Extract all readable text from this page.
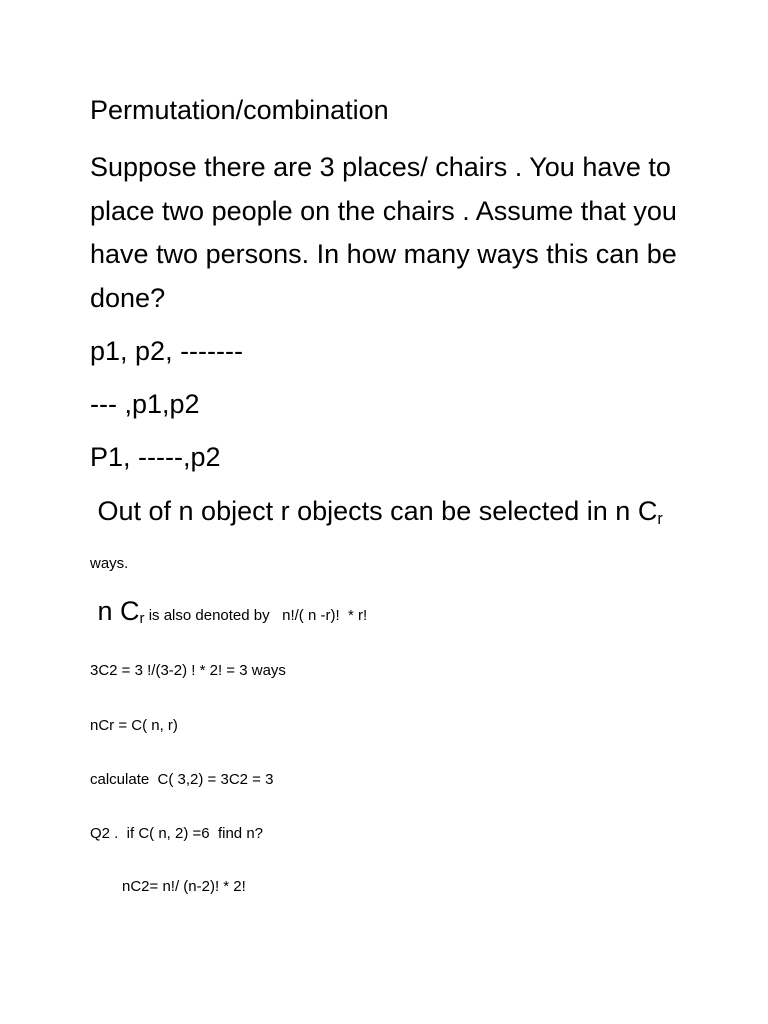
Permutation/combination

Suppose there are 3 places/ chairs . You have to place two people on the chairs . Assume that you have two persons. In how many ways this can be done?

p1, p2, -------

--- ,p1,p2

P1, -----,p2

Out of n object r objects can be selected in n $C_r$

ways.

n $C_r$ is also denoted by   n!/( n -r)!  * r!

3C2 = 3 !/(3-2) ! * 2! = 3 ways

nCr = C( n, r)

calculate  C( 3,2) = 3C2 = 3

Q2 .  if C( n, 2) =6  find n?

nC2= n!/ (n-2)! * 2!
